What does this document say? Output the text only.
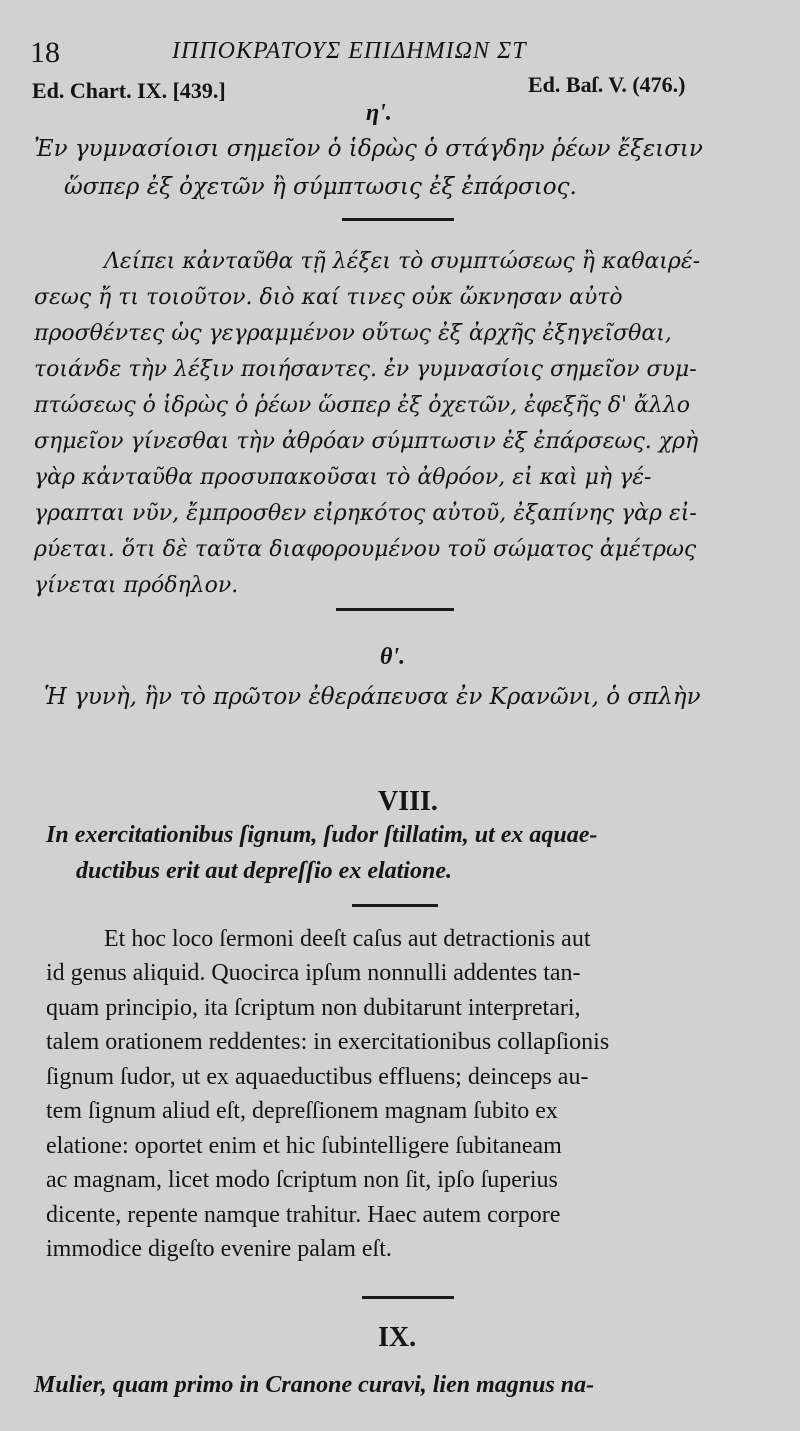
18	ΙΠΠΟΚΡΑΤΟΥΣ ΕΠΙΔΗΜΙΩΝ ΣΤ
Ed. Chart. IX. [439.]	Ed. Baſ. V. (476.)
η'.
Ἐν γυμνασίοισι σημεῖον ὁ ἱδρὼς ὁ στάγδην ῥέων ἔξεισιν
ὥσπερ ἐξ ὀχετῶν ἢ σύμπτωσις ἐξ ἐπάρσιος.
Λείπει κἀνταῦθα τῇ λέξει τὸ συμπτώσεως ἢ καθαιρέ-
σεως ἤ τι τοιοῦτον. διὸ καί τινες οὐκ ὤκνησαν αὐτὸ
προσθέντες ὡς γεγραμμένον οὕτως ἐξ ἀρχῆς ἐξηγεῖσθαι,
τοιάνδε τὴν λέξιν ποιήσαντες. ἐν γυμνασίοις σημεῖον συμ-
πτώσεως ὁ ἱδρὼς ὁ ῥέων ὥσπερ ἐξ ὀχετῶν, ἐφεξῆς δ' ἄλλο
σημεῖον γίνεσθαι τὴν ἀθρόαν σύμπτωσιν ἐξ ἐπάρσεως. χρὴ
γὰρ κἀνταῦθα προσυπακοῦσαι τὸ ἀθρόον, εἰ καὶ μὴ γέ-
γραπται νῦν, ἔμπροσθεν εἰρηκότος αὐτοῦ, ἐξαπίνης γὰρ εἰ-
ρύεται. ὅτι δὲ ταῦτα διαφορουμένου τοῦ σώματος ἀμέτρως
γίνεται πρόδηλον.
θ'.
Ἡ γυνὴ, ἣν τὸ πρῶτον ἐθεράπευσα ἐν Κρανῶνι, ὁ σπλὴν
VIII.
In exercitationibus ſignum, ſudor ſtillatim, ut ex aquae-
ductibus erit aut depreſſio ex elatione.
Et hoc loco ſermoni deeſt caſus aut detractionis aut
id genus aliquid. Quocirca ipſum nonnulli addentes tan-
quam principio, ita ſcriptum non dubitarunt interpretari,
talem orationem reddentes: in exercitationibus collapſionis
ſignum ſudor, ut ex aquaeductibus effluens; deinceps au-
tem ſignum aliud eſt, depreſſionem magnam ſubito ex
elatione: oportet enim et hic ſubintelligere ſubitaneam
ac magnam, licet modo ſcriptum non ſit, ipſo ſuperius
dicente, repente namque trahitur. Haec autem corpore
immodice digeſto evenire palam eſt.
IX.
Mulier, quam primo in Cranone curavi, lien magnus na-
